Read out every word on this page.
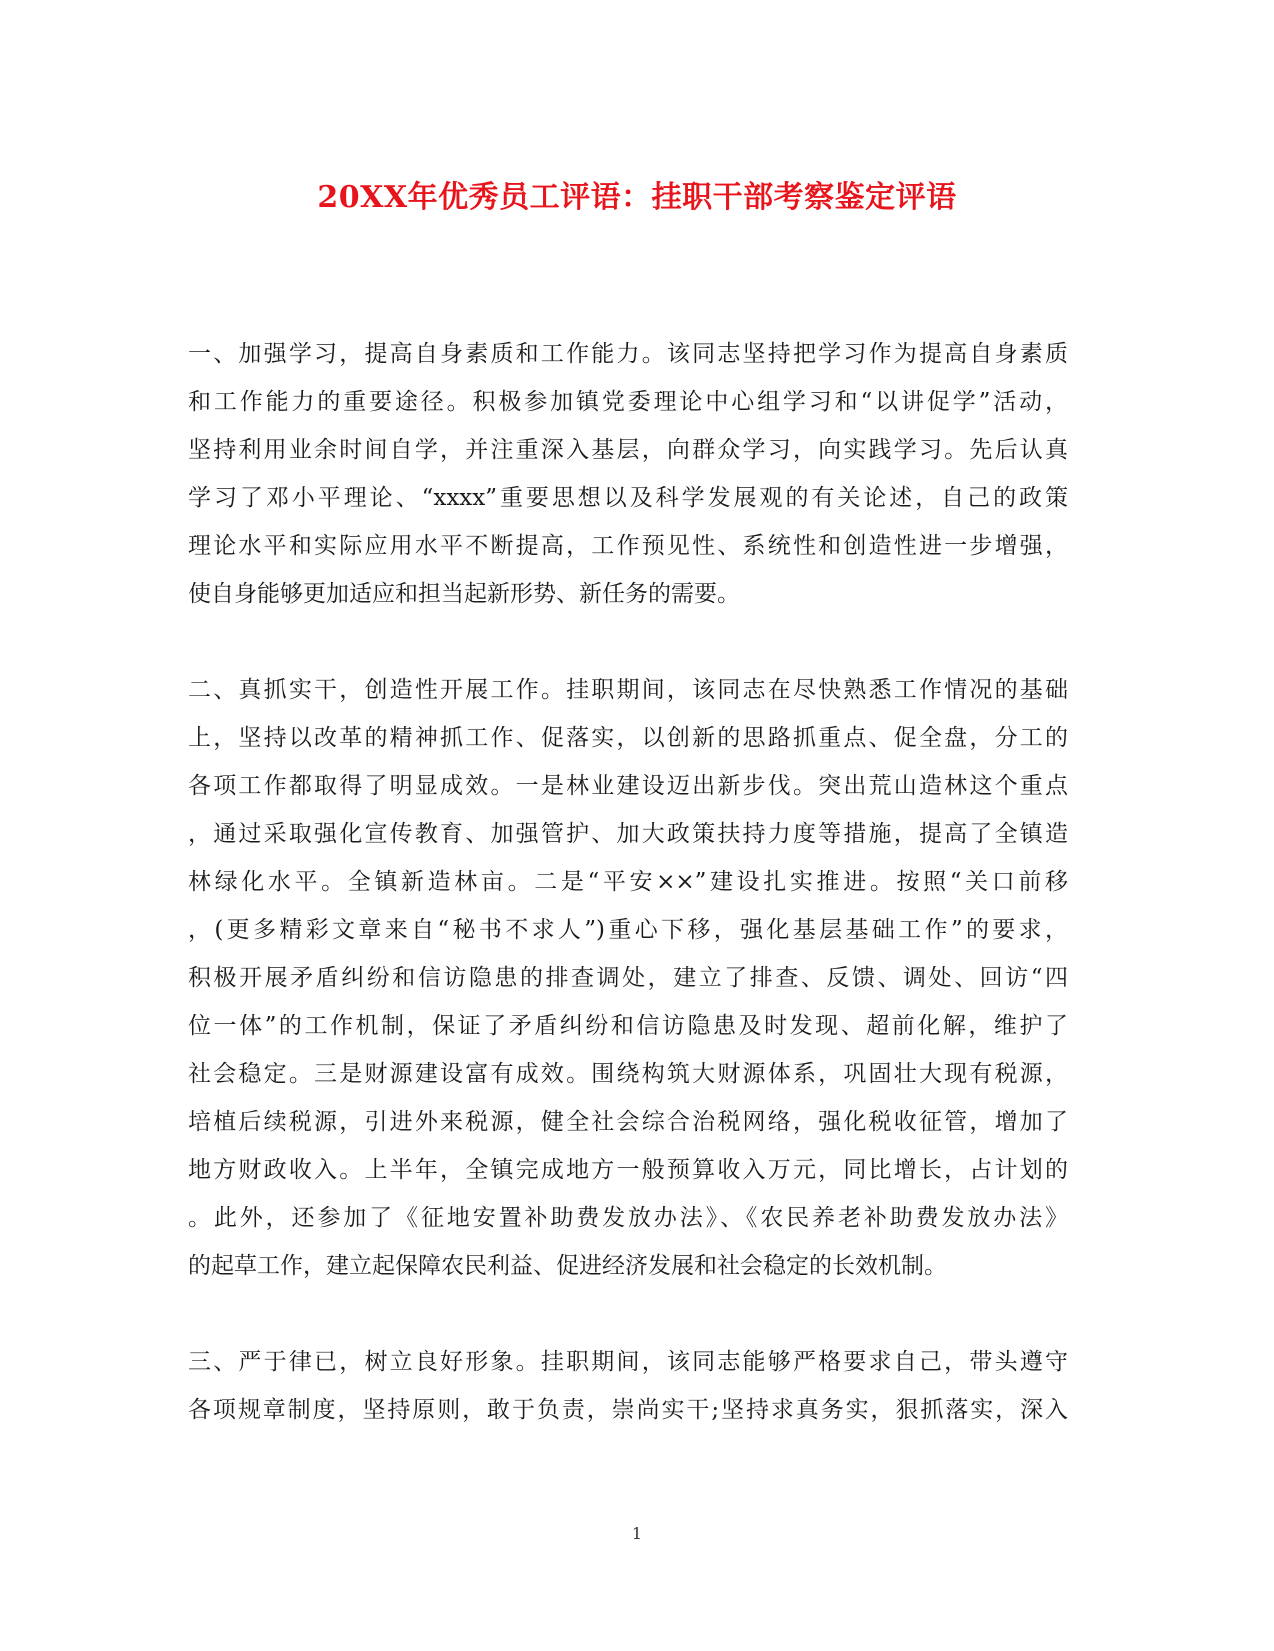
20XX年优秀员工评语：挂职干部考察鉴定评语
一、加强学习，提高自身素质和工作能力。该同志坚持把学习作为提高自身素质
和工作能力的重要途径。积极参加镇党委理论中心组学习和“以讲促学”活动，
坚持利用业余时间自学，并注重深入基层，向群众学习，向实践学习。先后认真
学习了邓小平理论、“xxxx”重要思想以及科学发展观的有关论述，自己的政策
理论水平和实际应用水平不断提高，工作预见性、系统性和创造性进一步增强，
使自身能够更加适应和担当起新形势、新任务的需要。
二、真抓实干，创造性开展工作。挂职期间，该同志在尽快熟悉工作情况的基础
上，坚持以改革的精神抓工作、促落实，以创新的思路抓重点、促全盘，分工的
各项工作都取得了明显成效。一是林业建设迈出新步伐。突出荒山造林这个重点
，通过采取强化宣传教育、加强管护、加大政策扶持力度等措施，提高了全镇造
林绿化水平。全镇新造林亩。二是“平安××”建设扎实推进。按照“关口前移
，(更多精彩文章来自“秘书不求人”)重心下移，强化基层基础工作”的要求，
积极开展矛盾纠纷和信访隐患的排查调处，建立了排查、反馈、调处、回访“四
位一体”的工作机制，保证了矛盾纠纷和信访隐患及时发现、超前化解，维护了
社会稳定。三是财源建设富有成效。围绕构筑大财源体系，巩固壮大现有税源，
培植后续税源，引进外来税源，健全社会综合治税网络，强化税收征管，增加了
地方财政收入。上半年，全镇完成地方一般预算收入万元，同比增长，占计划的
。此外，还参加了《征地安置补助费发放办法》、《农民养老补助费发放办法》
的起草工作，建立起保障农民利益、促进经济发展和社会稳定的长效机制。
三、严于律已，树立良好形象。挂职期间，该同志能够严格要求自己，带头遵守
各项规章制度，坚持原则，敢于负责，崇尚实干;坚持求真务实，狠抓落实，深入
1
